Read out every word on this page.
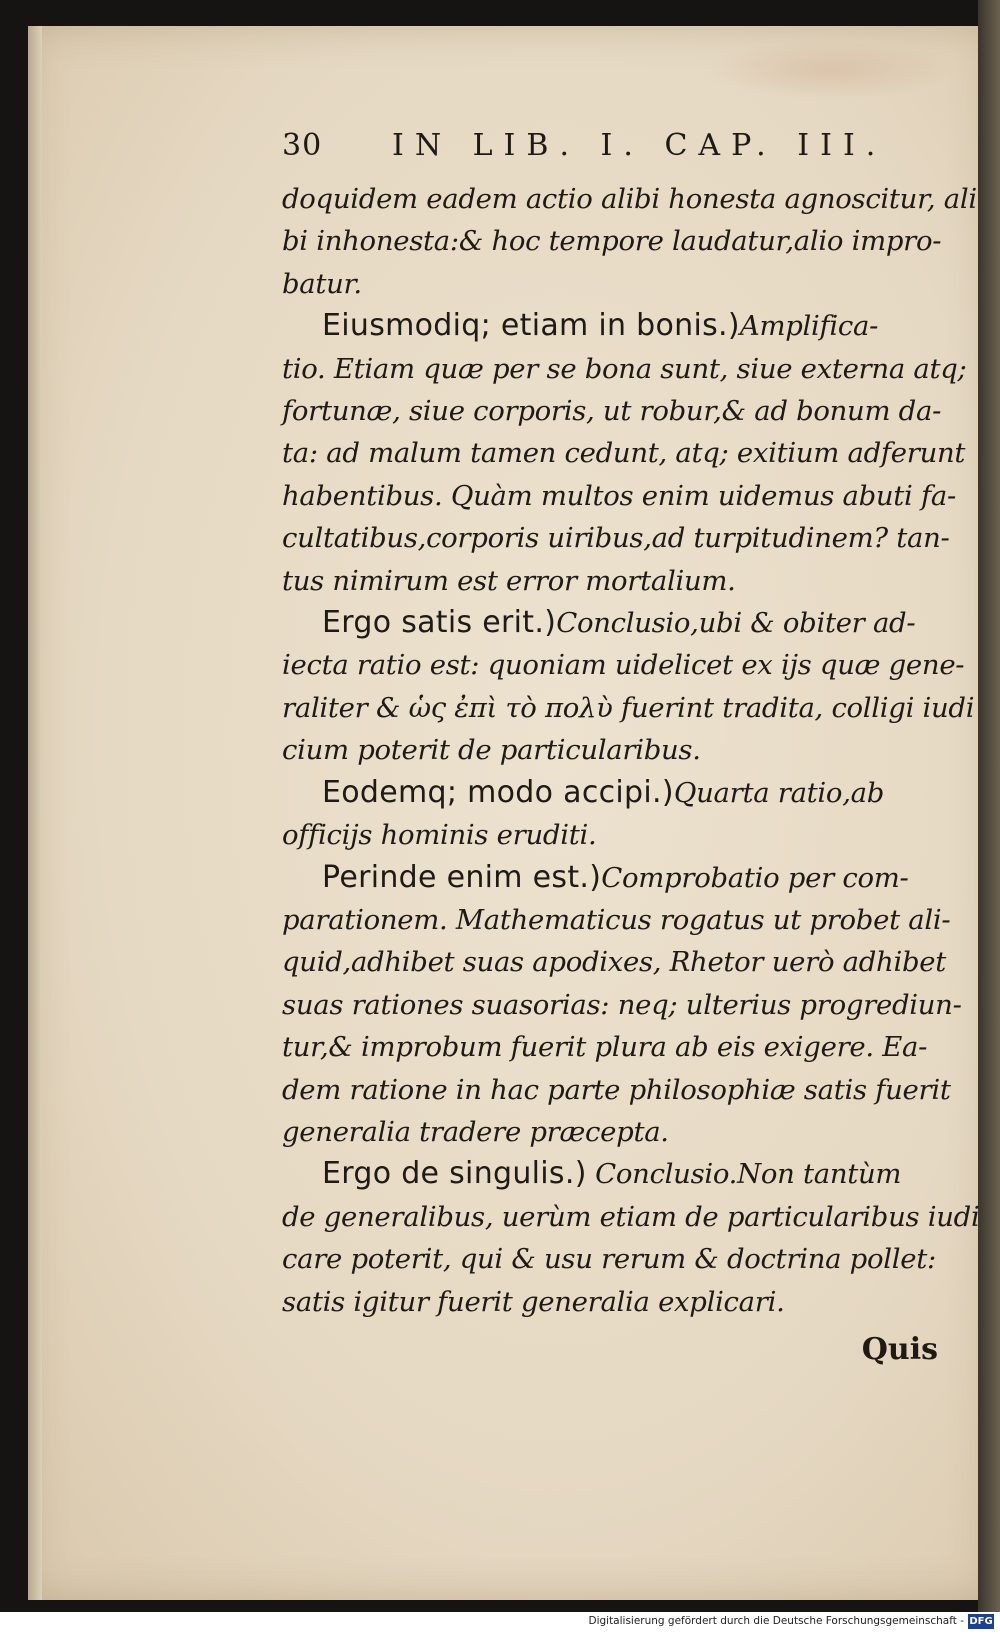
30	IN LIB. I. CAP. III.
doquidem eadem actio alibi honesta agnoscitur, ali
bi inhonesta:& hoc tempore laudatur,alio impro-
batur.
Eiusmodiq; etiam in bonis.)Amplifica-
tio. Etiam quæ per se bona sunt, siue externa atq;
fortunæ, siue corporis, ut robur,& ad bonum da-
ta: ad malum tamen cedunt, atq; exitium adferunt
habentibus. Quàm multos enim uidemus abuti fa-
cultatibus,corporis uiribus,ad turpitudinem? tan-
tus nimirum est error mortalium.
Ergo satis erit.)Conclusio,ubi & obiter ad-
iecta ratio est: quoniam uidelicet ex ijs quæ gene-
raliter & ὡς ἐπὶ τὸ πολὺ fuerint tradita, colligi iudi
cium poterit de particularibus.
Eodemq; modo accipi.)Quarta ratio,ab
officijs hominis eruditi.
Perinde enim est.)Comprobatio per com-
parationem. Mathematicus rogatus ut probet ali-
quid,adhibet suas apodixes, Rhetor uerò adhibet
suas rationes suasorias: neq; ulterius progrediun-
tur,& improbum fuerit plura ab eis exigere. Ea-
dem ratione in hac parte philosophiæ satis fuerit
generalia tradere præcepta.
Ergo de singulis.) Conclusio.Non tantùm
de generalibus, uerùm etiam de particularibus iudi
care poterit, qui & usu rerum & doctrina pollet:
satis igitur fuerit generalia explicari.
Quis
Digitalisierung gefördert durch die Deutsche Forschungsgemeinschaft - DFG
